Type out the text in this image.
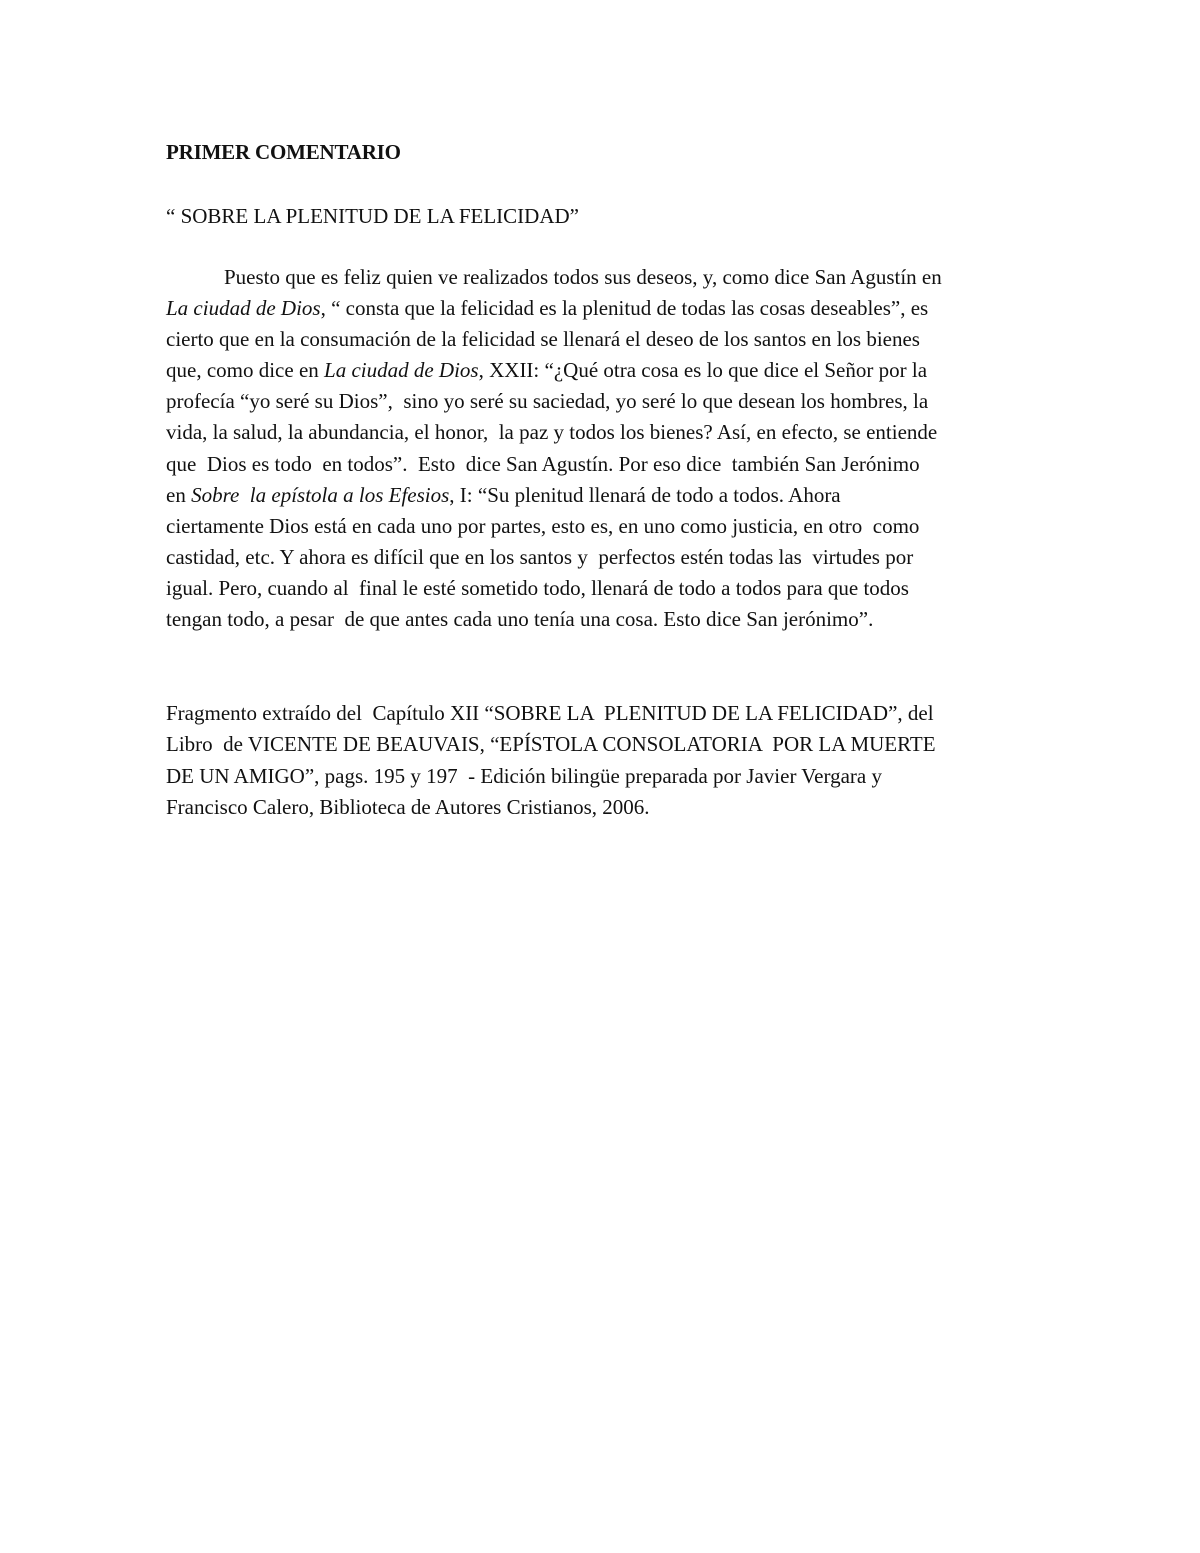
PRIMER COMENTARIO
“ SOBRE LA PLENITUD DE LA FELICIDAD”
Puesto que es feliz quien ve realizados todos sus deseos, y, como dice San Agustín en
La ciudad de Dios, “ consta que la felicidad es la plenitud de todas las cosas deseables”, es
cierto que en la consumación de la felicidad se llenará el deseo de los santos en los bienes
que, como dice en La ciudad de Dios, XXII: “¿Qué otra cosa es lo que dice el Señor por la
profecía “yo seré su Dios”,  sino yo seré su saciedad, yo seré lo que desean los hombres, la
vida, la salud, la abundancia, el honor,  la paz y todos los bienes? Así, en efecto, se entiende
que  Dios es todo  en todos”.  Esto  dice San Agustín. Por eso dice  también San Jerónimo
en Sobre  la epístola a los Efesios, I: “Su plenitud llenará de todo a todos. Ahora
ciertamente Dios está en cada uno por partes, esto es, en uno como justicia, en otro  como
castidad, etc. Y ahora es difícil que en los santos y  perfectos estén todas las  virtudes por
igual. Pero, cuando al  final le esté sometido todo, llenará de todo a todos para que todos
tengan todo, a pesar  de que antes cada uno tenía una cosa. Esto dice San jerónimo”.
Fragmento extraído del  Capítulo XII “SOBRE LA  PLENITUD DE LA FELICIDAD”, del
Libro  de VICENTE DE BEAUVAIS, “EPÍSTOLA CONSOLATORIA  POR LA MUERTE
DE UN AMIGO”, pags. 195 y 197  - Edición bilingüe preparada por Javier Vergara y
Francisco Calero, Biblioteca de Autores Cristianos, 2006.
